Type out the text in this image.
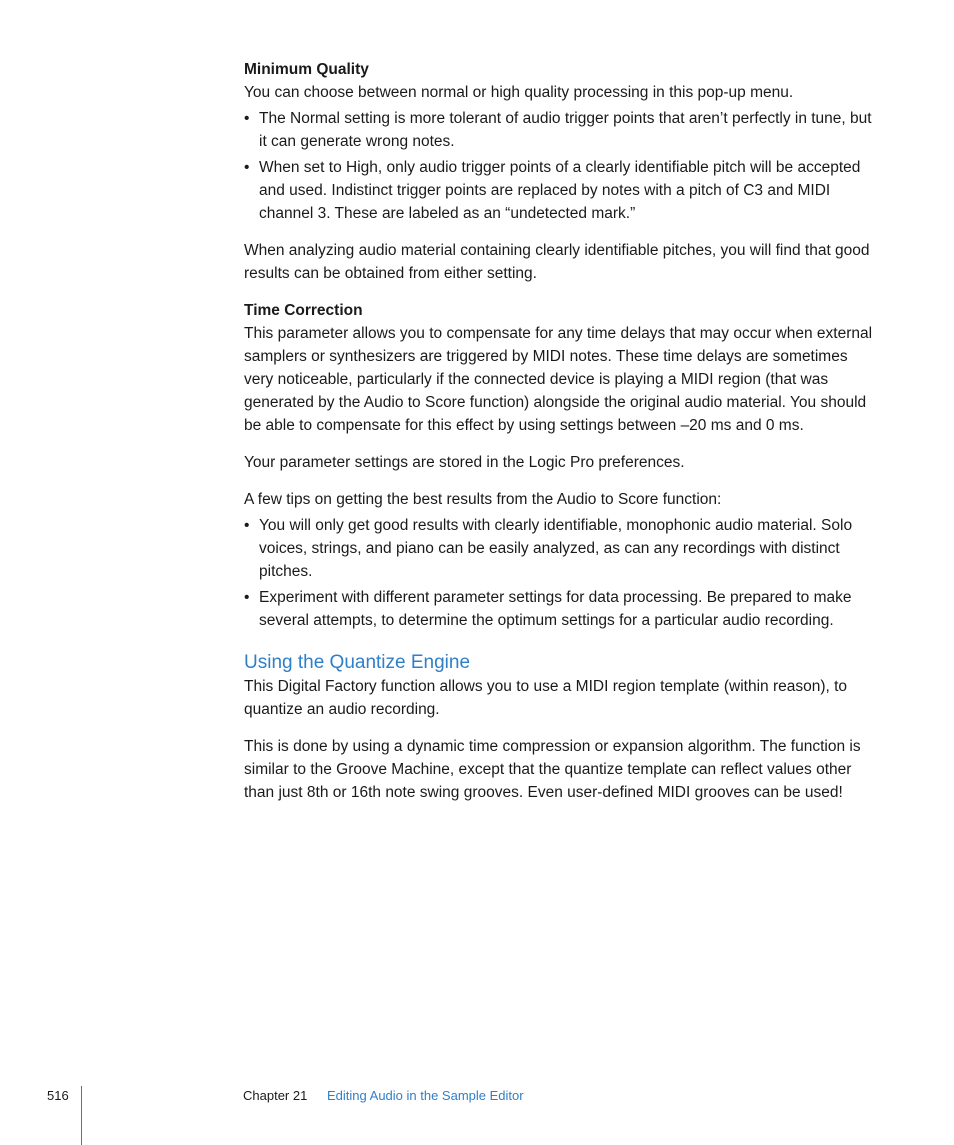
Minimum Quality

You can choose between normal or high quality processing in this pop-up menu.

• The Normal setting is more tolerant of audio trigger points that aren’t perfectly in tune, but it can generate wrong notes.
• When set to High, only audio trigger points of a clearly identifiable pitch will be accepted and used. Indistinct trigger points are replaced by notes with a pitch of C3 and MIDI channel 3. These are labeled as an “undetected mark.”

When analyzing audio material containing clearly identifiable pitches, you will find that good results can be obtained from either setting.

Time Correction

This parameter allows you to compensate for any time delays that may occur when external samplers or synthesizers are triggered by MIDI notes. These time delays are sometimes very noticeable, particularly if the connected device is playing a MIDI region (that was generated by the Audio to Score function) alongside the original audio material. You should be able to compensate for this effect by using settings between –20 ms and 0 ms.

Your parameter settings are stored in the Logic Pro preferences.

A few tips on getting the best results from the Audio to Score function:

• You will only get good results with clearly identifiable, monophonic audio material. Solo voices, strings, and piano can be easily analyzed, as can any recordings with distinct pitches.
• Experiment with different parameter settings for data processing. Be prepared to make several attempts, to determine the optimum settings for a particular audio recording.
Using the Quantize Engine

This Digital Factory function allows you to use a MIDI region template (within reason), to quantize an audio recording.

This is done by using a dynamic time compression or expansion algorithm. The function is similar to the Groove Machine, except that the quantize template can reflect values other than just 8th or 16th note swing grooves. Even user-defined MIDI grooves can be used!

516	Chapter 21 Editing Audio in the Sample Editor
